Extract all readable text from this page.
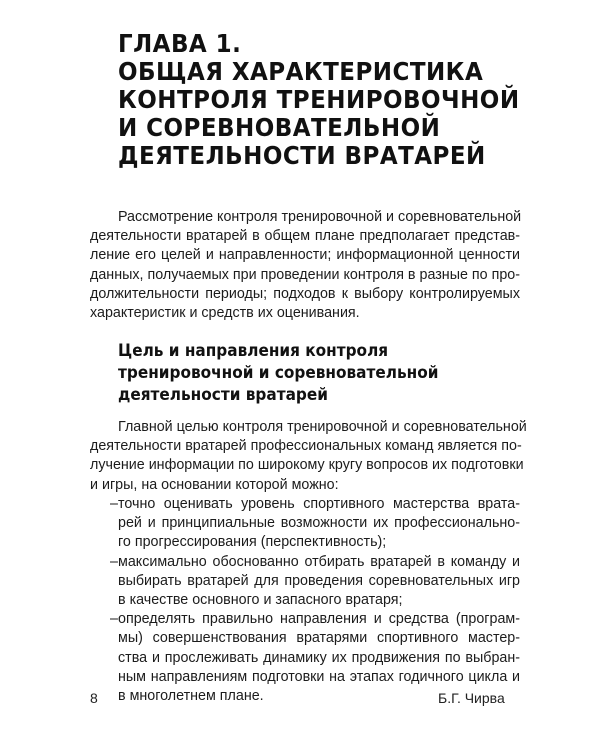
ГЛАВА 1.
ОБЩАЯ ХАРАКТЕРИСТИКА
КОНТРОЛЯ ТРЕНИРОВОЧНОЙ
И СОРЕВНОВАТЕЛЬНОЙ
ДЕЯТЕЛЬНОСТИ ВРАТАРЕЙ
Рассмотрение контроля тренировочной и соревновательной
деятельности вратарей в общем плане предполагает представ-
ление его целей и направленности; информационной ценности
данных, получаемых при проведении контроля в разные по про-
должительности периоды; подходов к выбору контролируемых
характеристик и средств их оценивания.
Цель и направления контроля
тренировочной и соревновательной
деятельности вратарей
Главной целью контроля тренировочной и соревновательной
деятельности вратарей профессиональных команд является по-
лучение информации по широкому кругу вопросов их подготовки
и игры, на основании которой можно:
– точно оценивать уровень спортивного мастерства врата-
рей и принципиальные возможности их профессионально-
го прогрессирования (перспективность);
– максимально обоснованно отбирать вратарей в команду и
выбирать вратарей для проведения соревновательных игр
в качестве основного и запасного вратаря;
– определять правильно направления и средства (програм-
мы) совершенствования вратарями спортивного мастер-
ства и прослеживать динамику их продвижения по выбран-
ным направлениям подготовки на этапах годичного цикла и
в многолетнем плане.
8	Б.Г. Чирва
